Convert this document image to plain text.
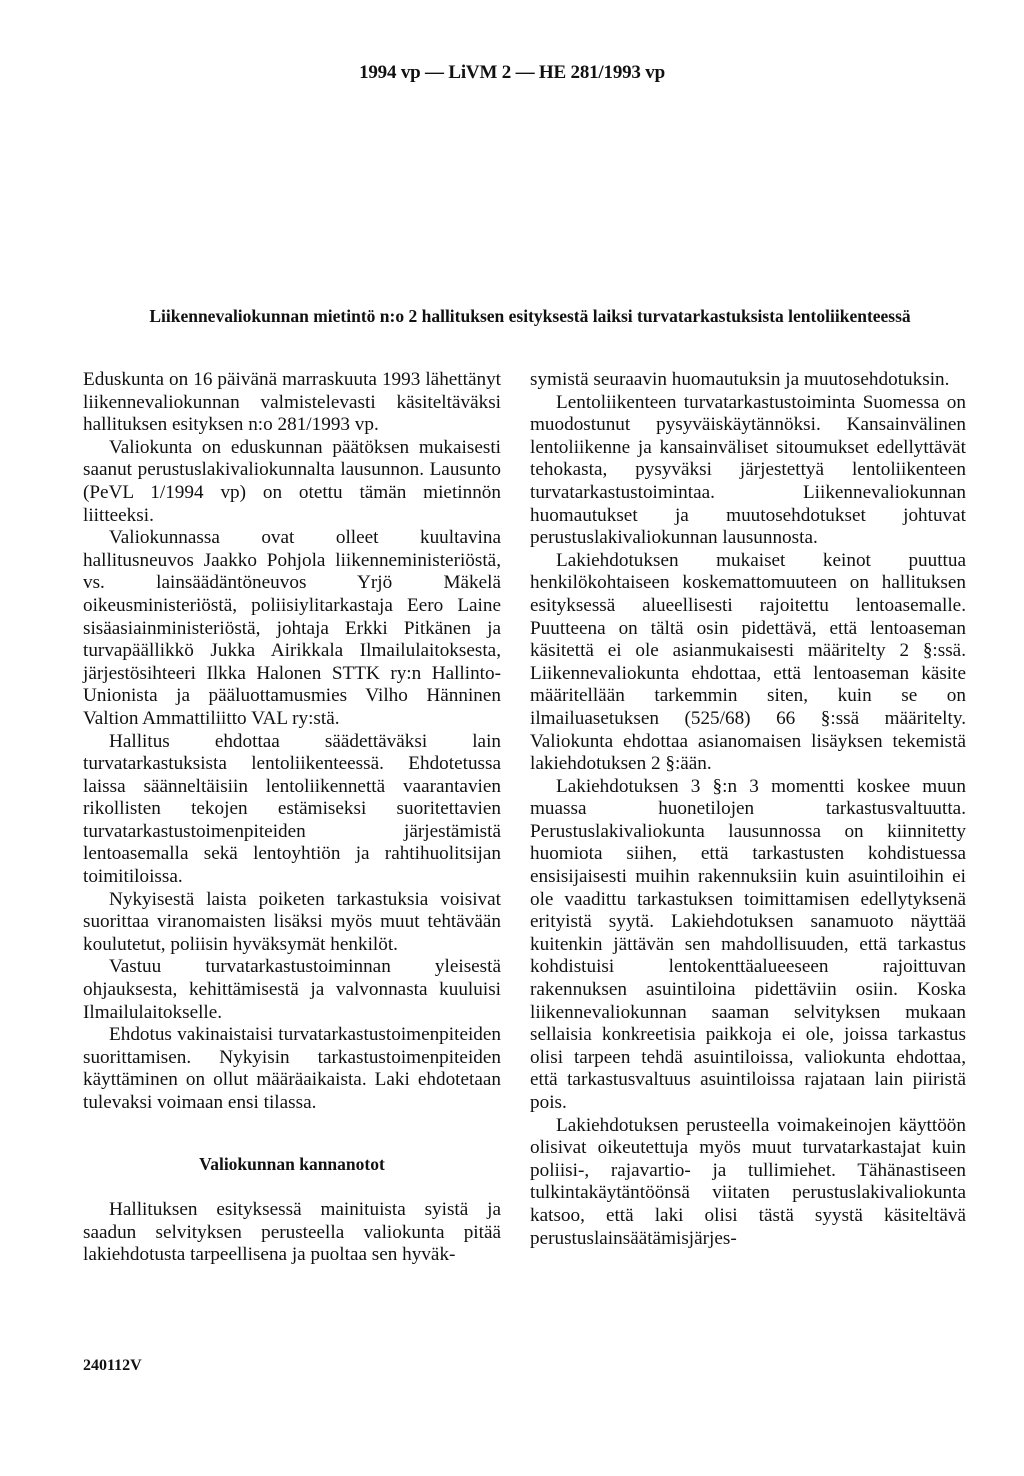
1994 vp — LiVM 2 — HE 281/1993 vp
Liikennevaliokunnan mietintö n:o 2 hallituksen esityksestä laiksi turvatarkastuksista lentoliikenteessä

Eduskunta on 16 päivänä marraskuuta 1993 lähettänyt liikennevaliokunnan valmistelevasti käsiteltäväksi hallituksen esityksen n:o 281/1993 vp.

Valiokunta on eduskunnan päätöksen mukaisesti saanut perustuslakivaliokunnalta lausunnon. Lausunto (PeVL 1/1994 vp) on otettu tämän mietinnön liitteeksi.

Valiokunnassa ovat olleet kuultavina hallitusneuvos Jaakko Pohjola liikenneministeriöstä, vs. lainsäädäntöneuvos Yrjö Mäkelä oikeusministeriöstä, poliisiylitarkastaja Eero Laine sisäasiainministeriöstä, johtaja Erkki Pitkänen ja turvapäällikkö Jukka Airikkala Ilmailulaitoksesta, järjestösihteeri Ilkka Halonen STTK ry:n Hallinto-Unionista ja pääluottamusmies Vilho Hänninen Valtion Ammattiliitto VAL ry:stä.

Hallitus ehdottaa säädettäväksi lain turvatarkastuksista lentoliikenteessä. Ehdotetussa laissa säänneltäisiin lentoliikennettä vaarantavien rikollisten tekojen estämiseksi suoritettavien turvatarkastustoimenpiteiden järjestämistä lentoasemalla sekä lentoyhtiön ja rahtihuolitsijan toimitiloissa.

Nykyisestä laista poiketen tarkastuksia voisivat suorittaa viranomaisten lisäksi myös muut tehtävään koulutetut, poliisin hyväksymät henkilöt.

Vastuu turvatarkastustoiminnan yleisestä ohjauksesta, kehittämisestä ja valvonnasta kuuluisi Ilmailulaitokselle.

Ehdotus vakinaistaisi turvatarkastustoimenpiteiden suorittamisen. Nykyisin tarkastustoimenpiteiden käyttäminen on ollut määräaikaista. Laki ehdotetaan tulevaksi voimaan ensi tilassa.

Valiokunnan kannanotot

Hallituksen esityksessä mainituista syistä ja saadun selvityksen perusteella valiokunta pitää lakiehdotusta tarpeellisena ja puoltaa sen hyväk-

symistä seuraavin huomautuksin ja muutosehdotuksin.

Lentoliikenteen turvatarkastustoiminta Suomessa on muodostunut pysyväiskäytännöksi. Kansainvälinen lentoliikenne ja kansainväliset sitoumukset edellyttävät tehokasta, pysyväksi järjestettyä lentoliikenteen turvatarkastustoimintaa. Liikennevaliokunnan huomautukset ja muutosehdotukset johtuvat perustuslakivaliokunnan lausunnosta.

Lakiehdotuksen mukaiset keinot puuttua henkilökohtaiseen koskemattomuuteen on hallituksen esityksessä alueellisesti rajoitettu lentoasemalle. Puutteena on tältä osin pidettävä, että lentoaseman käsitettä ei ole asianmukaisesti määritelty 2 §:ssä. Liikennevaliokunta ehdottaa, että lentoaseman käsite määritellään tarkemmin siten, kuin se on ilmailuasetuksen (525/68) 66 §:ssä määritelty. Valiokunta ehdottaa asianomaisen lisäyksen tekemistä lakiehdotuksen 2 §:ään.

Lakiehdotuksen 3 §:n 3 momentti koskee muun muassa huonetilojen tarkastusvaltuutta. Perustuslakivaliokunta lausunnossa on kiinnitetty huomiota siihen, että tarkastusten kohdistuessa ensisijaisesti muihin rakennuksiin kuin asuintiloihin ei ole vaadittu tarkastuksen toimittamisen edellytyksenä erityistä syytä. Lakiehdotuksen sanamuoto näyttää kuitenkin jättävän sen mahdollisuuden, että tarkastus kohdistuisi lentokenttäalueeseen rajoittuvan rakennuksen asuintiloina pidettäviin osiin. Koska liikennevaliokunnan saaman selvityksen mukaan sellaisia konkreetisia paikkoja ei ole, joissa tarkastus olisi tarpeen tehdä asuintiloissa, valiokunta ehdottaa, että tarkastusvaltuus asuintiloissa rajataan lain piiristä pois.

Lakiehdotuksen perusteella voimakeinojen käyttöön olisivat oikeutettuja myös muut turvatarkastajat kuin poliisi-, rajavartio- ja tullimiehet. Tähänastiseen tulkintakäytäntöönsä viitaten perustuslakivaliokunta katsoo, että laki olisi tästä syystä käsiteltävä perustuslainsäätämisjärjes-

240112V
